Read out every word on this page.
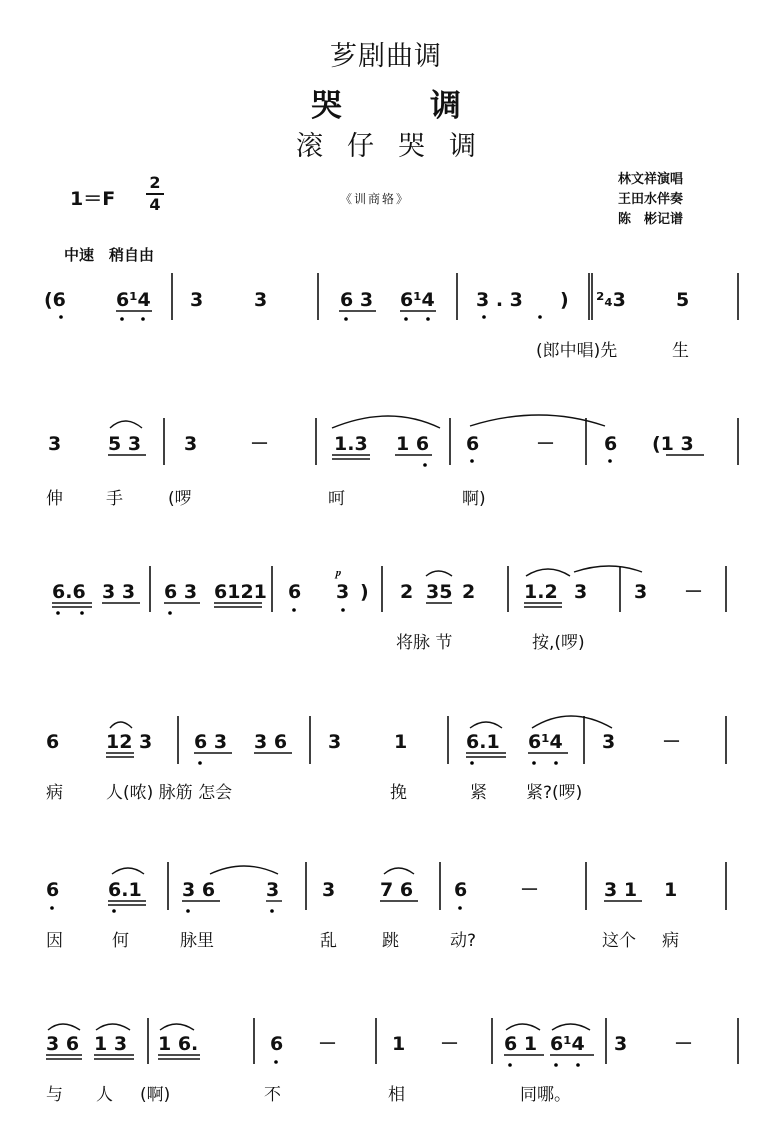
芗剧曲调
哭调
滚仔哭调
1＝F
2
4	《训商辂》
林文祥演唱
王田水伴奏
陈　彬记谱
中速　稍自由
(6	6¹4 3	3	6 3 6¹4 3 . 3 ) ²₄3	5
3 5 3 3	－	1.3 1 6 6	－	6 (1 3
6.6 3 3 6 3 6121 6 3
𝆏
) 2 35 2	1.2 3 3 －
6 12 3 6 3 3 6 3	1	6.1 6¹4 3 －
6	6.1 3 6	3 3 7 6 6	－	3 1 1
3 6 1 3 1 6.	6 －	1 － 6 1 6¹4 3 －
(郎中唱)先	生
伸	手	(啰	呵	啊)
将脉 节	按,(啰)
病	人(哝) 脉筋 怎会	挽	紧 紧?(啰)
因	何	脉里	乱	跳	动?	这个 病
与 人 (啊)	不	相	同哪。
